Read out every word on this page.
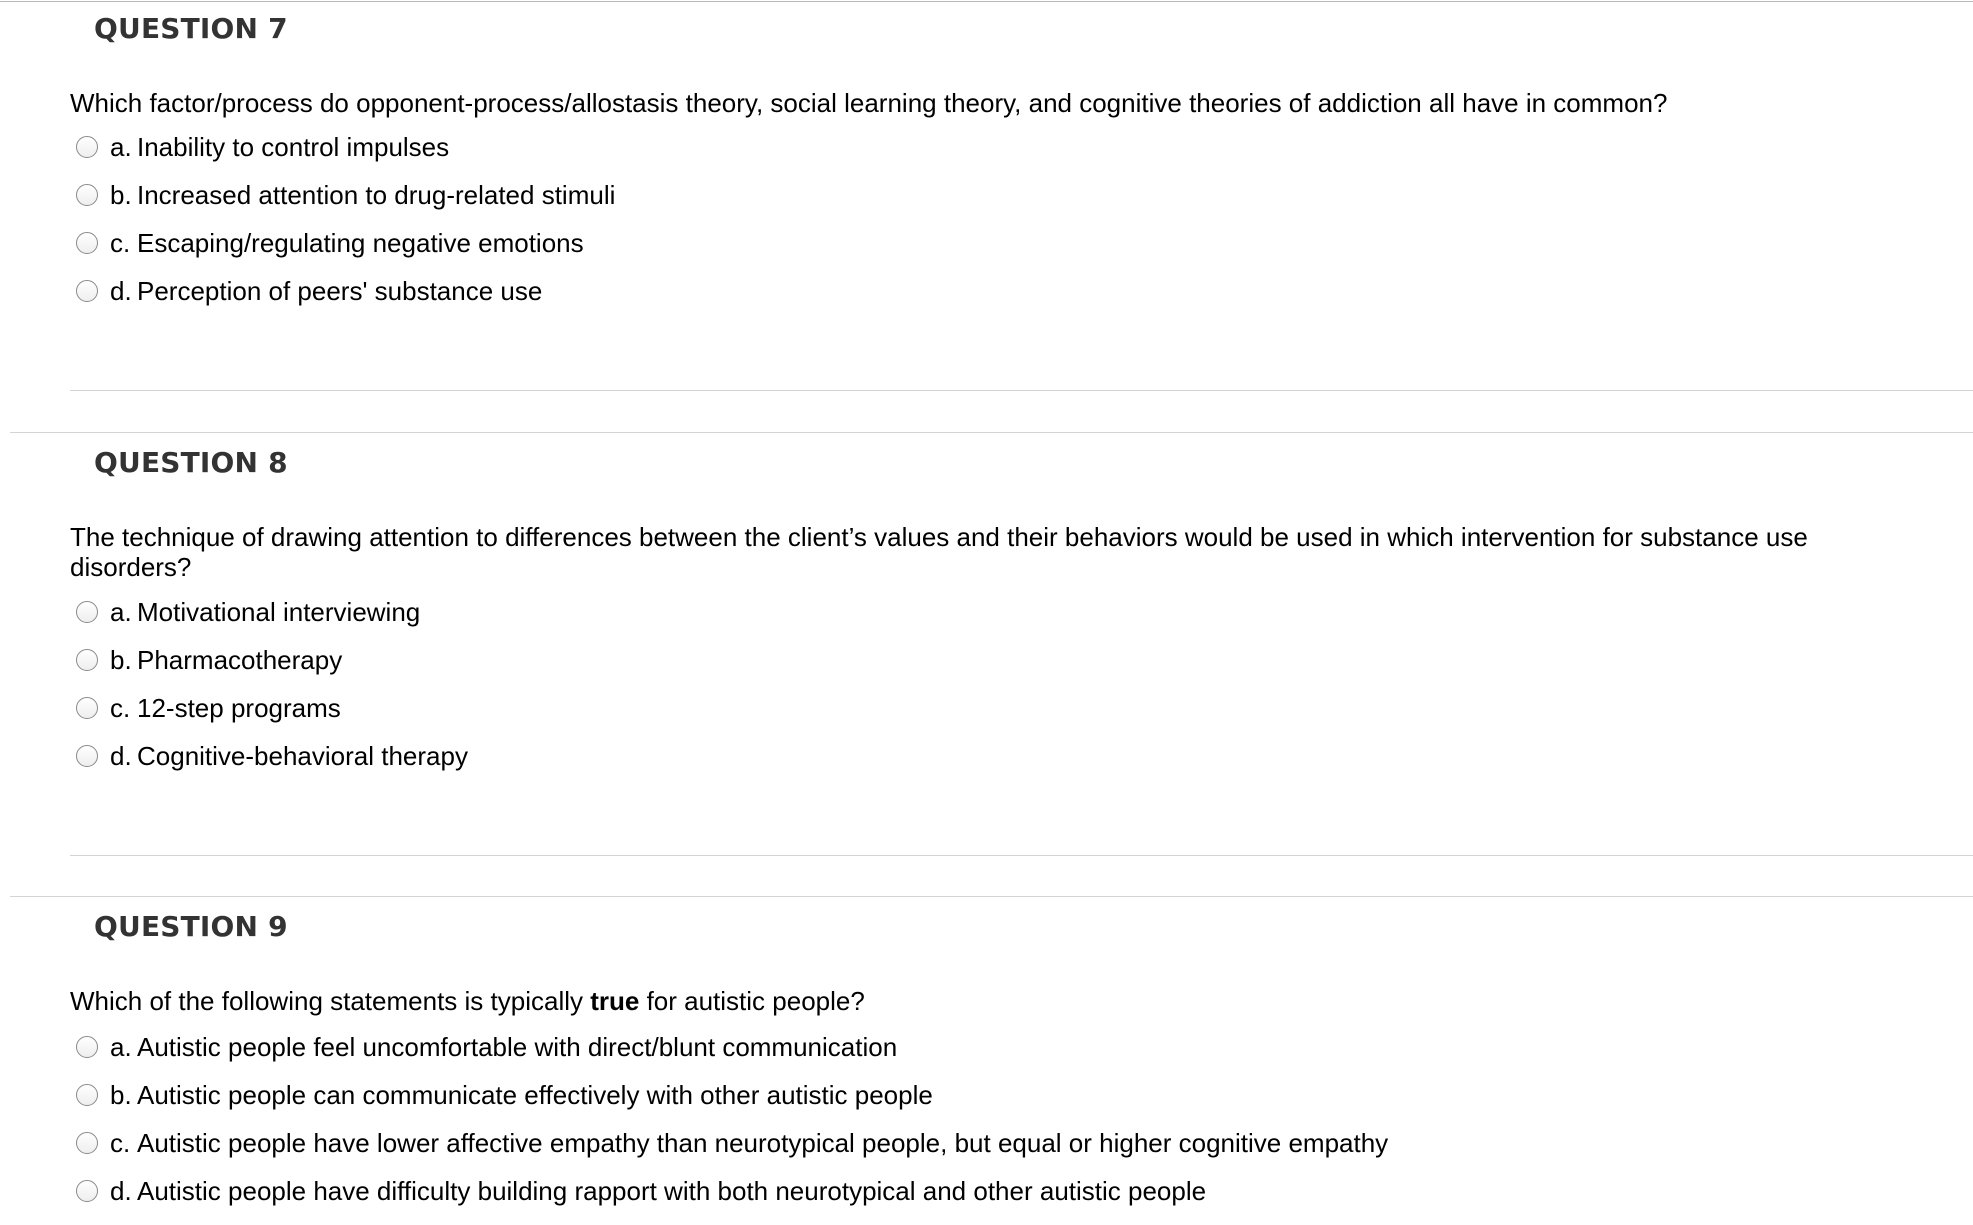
QUESTION 7
Which factor/process do opponent-process/allostasis theory, social learning theory, and cognitive theories of addiction all have in common?
a. Inability to control impulses
b. Increased attention to drug-related stimuli
c. Escaping/regulating negative emotions
d. Perception of peers' substance use
QUESTION 8
The technique of drawing attention to differences between the client’s values and their behaviors would be used in which intervention for substance use disorders?
a. Motivational interviewing
b. Pharmacotherapy
c. 12-step programs
d. Cognitive-behavioral therapy
QUESTION 9
Which of the following statements is typically true for autistic people?
a. Autistic people feel uncomfortable with direct/blunt communication
b. Autistic people can communicate effectively with other autistic people
c. Autistic people have lower affective empathy than neurotypical people, but equal or higher cognitive empathy
d. Autistic people have difficulty building rapport with both neurotypical and other autistic people
